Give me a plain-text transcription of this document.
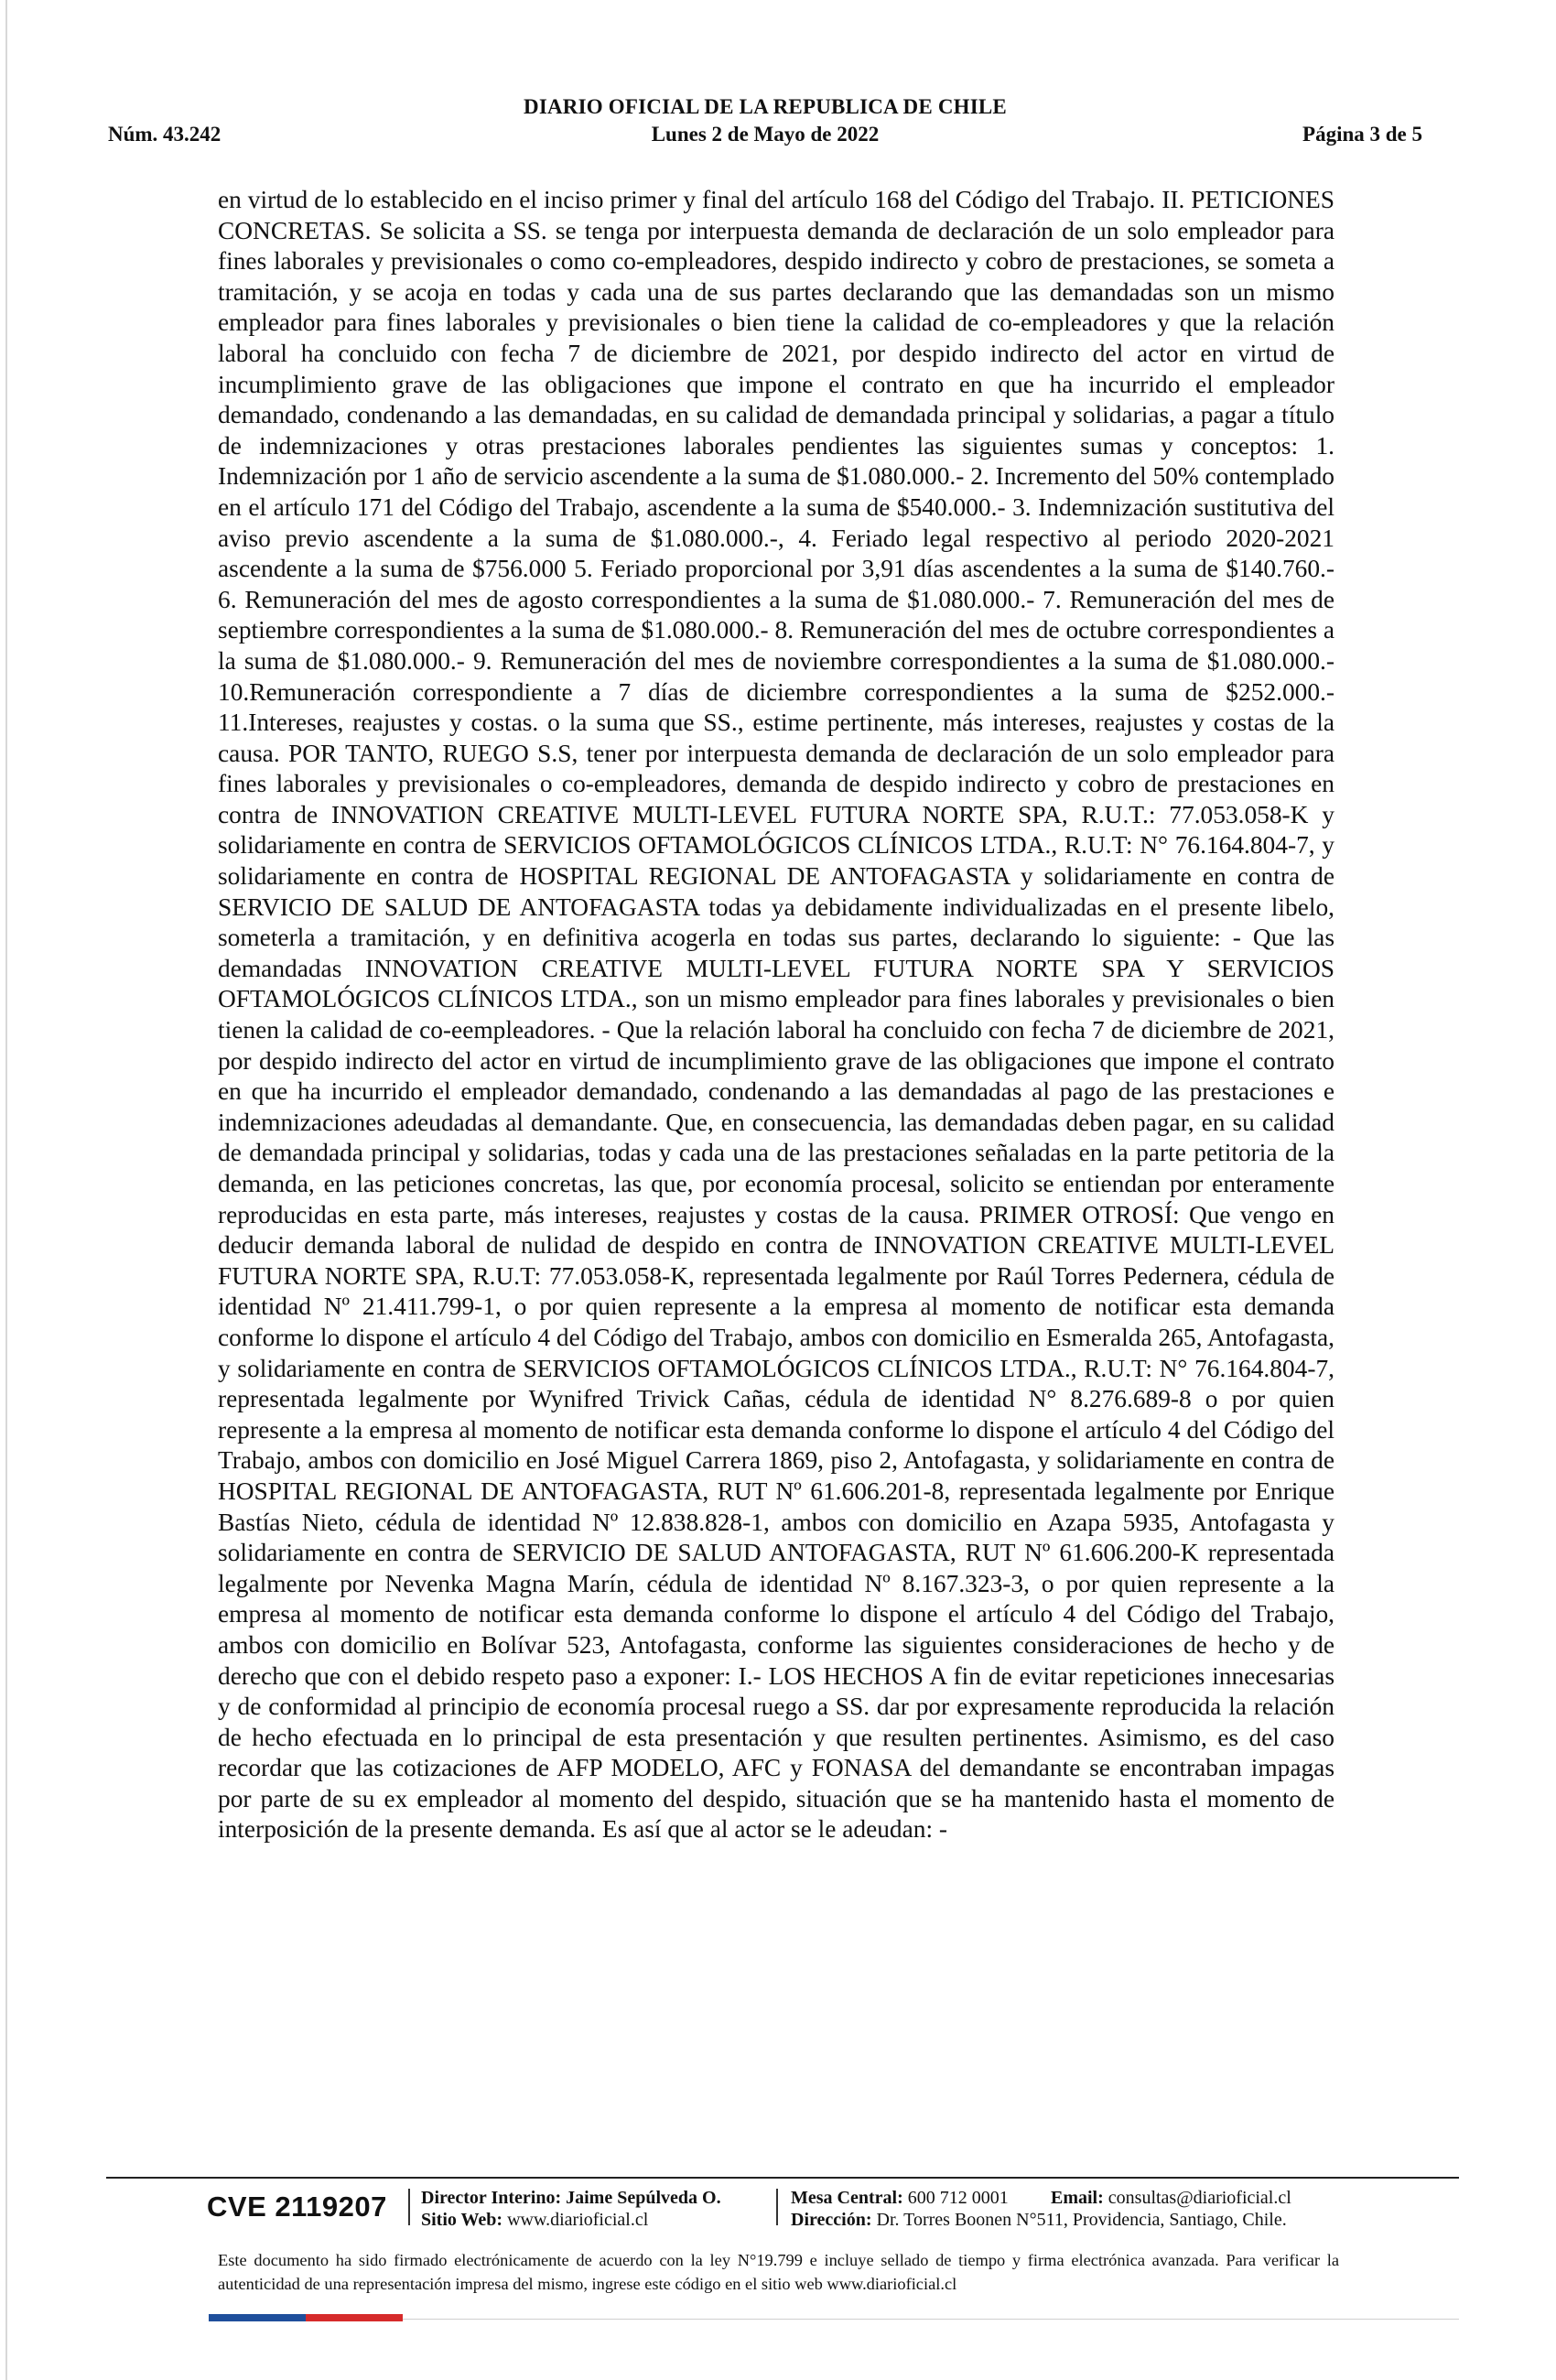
DIARIO OFICIAL DE LA REPUBLICA DE CHILE
Núm. 43.242	Lunes 2 de Mayo de 2022	Página 3 de 5
en virtud de lo establecido en el inciso primer y final del artículo 168 del Código del Trabajo. II. PETICIONES CONCRETAS. Se solicita a SS. se tenga por interpuesta demanda de declaración de un solo empleador para fines laborales y previsionales o como co-empleadores, despido indirecto y cobro de prestaciones, se someta a tramitación, y se acoja en todas y cada una de sus partes declarando que las demandadas son un mismo empleador para fines laborales y previsionales o bien tiene la calidad de co-empleadores y que la relación laboral ha concluido con fecha 7 de diciembre de 2021, por despido indirecto del actor en virtud de incumplimiento grave de las obligaciones que impone el contrato en que ha incurrido el empleador demandado, condenando a las demandadas, en su calidad de demandada principal y solidarias, a pagar a título de indemnizaciones y otras prestaciones laborales pendientes las siguientes sumas y conceptos: 1. Indemnización por 1 año de servicio ascendente a la suma de $1.080.000.- 2. Incremento del 50% contemplado en el artículo 171 del Código del Trabajo, ascendente a la suma de $540.000.- 3. Indemnización sustitutiva del aviso previo ascendente a la suma de $1.080.000.-, 4. Feriado legal respectivo al periodo 2020-2021 ascendente a la suma de $756.000 5. Feriado proporcional por 3,91 días ascendentes a la suma de $140.760.- 6. Remuneración del mes de agosto correspondientes a la suma de $1.080.000.- 7. Remuneración del mes de septiembre correspondientes a la suma de $1.080.000.- 8. Remuneración del mes de octubre correspondientes a la suma de $1.080.000.- 9. Remuneración del mes de noviembre correspondientes a la suma de $1.080.000.- 10.Remuneración correspondiente a 7 días de diciembre correspondientes a la suma de $252.000.- 11.Intereses, reajustes y costas. o la suma que SS., estime pertinente, más intereses, reajustes y costas de la causa. POR TANTO, RUEGO S.S, tener por interpuesta demanda de declaración de un solo empleador para fines laborales y previsionales o co-empleadores, demanda de despido indirecto y cobro de prestaciones en contra de INNOVATION CREATIVE MULTI-LEVEL FUTURA NORTE SPA, R.U.T.: 77.053.058-K y solidariamente en contra de SERVICIOS OFTAMOLÓGICOS CLÍNICOS LTDA., R.U.T: N° 76.164.804-7, y solidariamente en contra de HOSPITAL REGIONAL DE ANTOFAGASTA y solidariamente en contra de SERVICIO DE SALUD DE ANTOFAGASTA todas ya debidamente individualizadas en el presente libelo, someterla a tramitación, y en definitiva acogerla en todas sus partes, declarando lo siguiente: - Que las demandadas INNOVATION CREATIVE MULTI-LEVEL FUTURA NORTE SPA Y SERVICIOS OFTAMOLÓGICOS CLÍNICOS LTDA., son un mismo empleador para fines laborales y previsionales o bien tienen la calidad de co-eempleadores. - Que la relación laboral ha concluido con fecha 7 de diciembre de 2021, por despido indirecto del actor en virtud de incumplimiento grave de las obligaciones que impone el contrato en que ha incurrido el empleador demandado, condenando a las demandadas al pago de las prestaciones e indemnizaciones adeudadas al demandante. Que, en consecuencia, las demandadas deben pagar, en su calidad de demandada principal y solidarias, todas y cada una de las prestaciones señaladas en la parte petitoria de la demanda, en las peticiones concretas, las que, por economía procesal, solicito se entiendan por enteramente reproducidas en esta parte, más intereses, reajustes y costas de la causa. PRIMER OTROSÍ: Que vengo en deducir demanda laboral de nulidad de despido en contra de INNOVATION CREATIVE MULTI-LEVEL FUTURA NORTE SPA, R.U.T: 77.053.058-K, representada legalmente por Raúl Torres Pedernera, cédula de identidad Nº 21.411.799-1, o por quien represente a la empresa al momento de notificar esta demanda conforme lo dispone el artículo 4 del Código del Trabajo, ambos con domicilio en Esmeralda 265, Antofagasta, y solidariamente en contra de SERVICIOS OFTAMOLÓGICOS CLÍNICOS LTDA., R.U.T: N° 76.164.804-7, representada legalmente por Wynifred Trivick Cañas, cédula de identidad N° 8.276.689-8 o por quien represente a la empresa al momento de notificar esta demanda conforme lo dispone el artículo 4 del Código del Trabajo, ambos con domicilio en José Miguel Carrera 1869, piso 2, Antofagasta, y solidariamente en contra de HOSPITAL REGIONAL DE ANTOFAGASTA, RUT Nº 61.606.201-8, representada legalmente por Enrique Bastías Nieto, cédula de identidad Nº 12.838.828-1, ambos con domicilio en Azapa 5935, Antofagasta y solidariamente en contra de SERVICIO DE SALUD ANTOFAGASTA, RUT Nº 61.606.200-K representada legalmente por Nevenka Magna Marín, cédula de identidad Nº 8.167.323-3, o por quien represente a la empresa al momento de notificar esta demanda conforme lo dispone el artículo 4 del Código del Trabajo, ambos con domicilio en Bolívar 523, Antofagasta, conforme las siguientes consideraciones de hecho y de derecho que con el debido respeto paso a exponer: I.- LOS HECHOS A fin de evitar repeticiones innecesarias y de conformidad al principio de economía procesal ruego a SS. dar por expresamente reproducida la relación de hecho efectuada en lo principal de esta presentación y que resulten pertinentes. Asimismo, es del caso recordar que las cotizaciones de AFP MODELO, AFC y FONASA del demandante se encontraban impagas por parte de su ex empleador al momento del despido, situación que se ha mantenido hasta el momento de interposición de la presente demanda. Es así que al actor se le adeudan: -
CVE 2119207	Director Interino: Jaime Sepúlveda O.
Sitio Web: www.diarioficial.cl
Mesa Central: 600 712 0001
Dirección: Dr. Torres Boonen N°511, Providencia, Santiago, Chile.
Email: consultas@diarioficial.cl
Este documento ha sido firmado electrónicamente de acuerdo con la ley N°19.799 e incluye sellado de tiempo y firma electrónica avanzada. Para verificar la autenticidad de una representación impresa del mismo, ingrese este código en el sitio web www.diarioficial.cl
